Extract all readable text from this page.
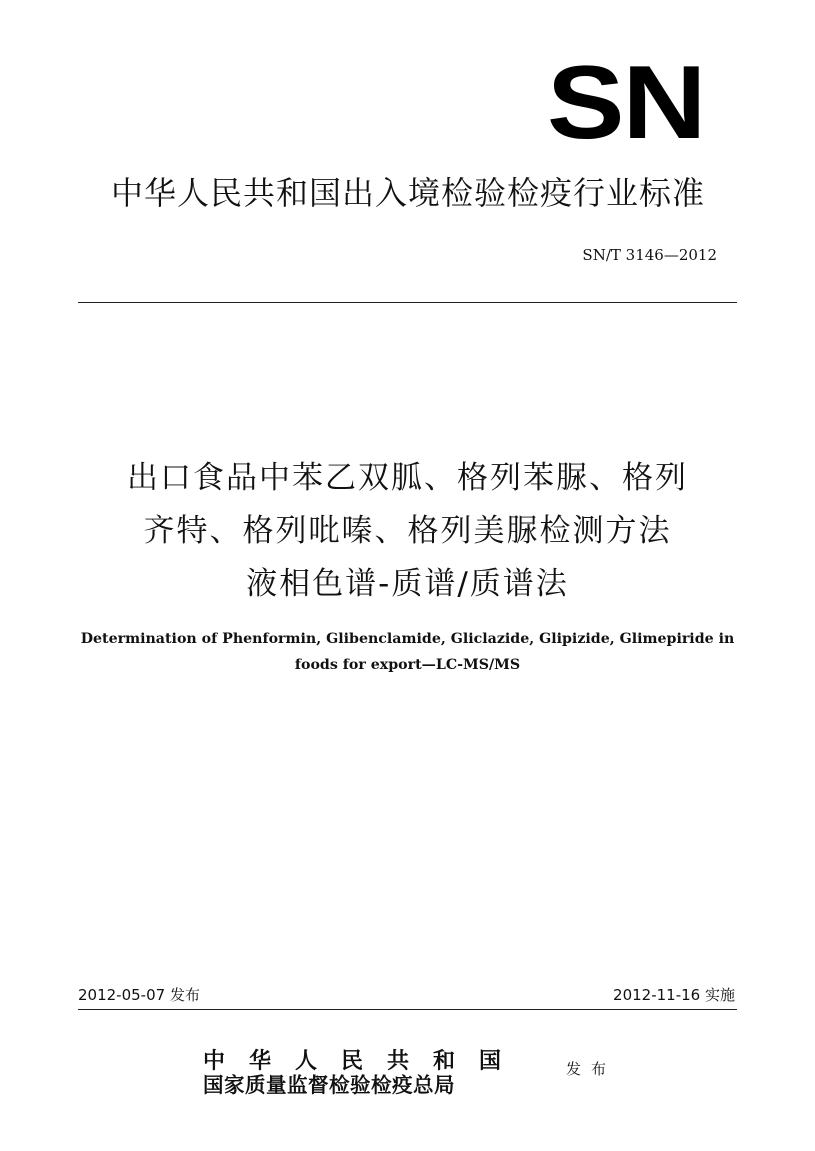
SN
中华人民共和国出入境检验检疫行业标准
SN/T 3146—2012
出口食品中苯乙双胍、格列苯脲、格列
齐特、格列吡嗪、格列美脲检测方法
液相色谱-质谱/质谱法
Determination of Phenformin, Glibenclamide, Gliclazide, Glipizide, Glimepiride in
foods for export—LC-MS/MS
2012-05-07 发布	2012-11-16 实施
中华人民共和国
国家质量监督检验检疫总局
发布
